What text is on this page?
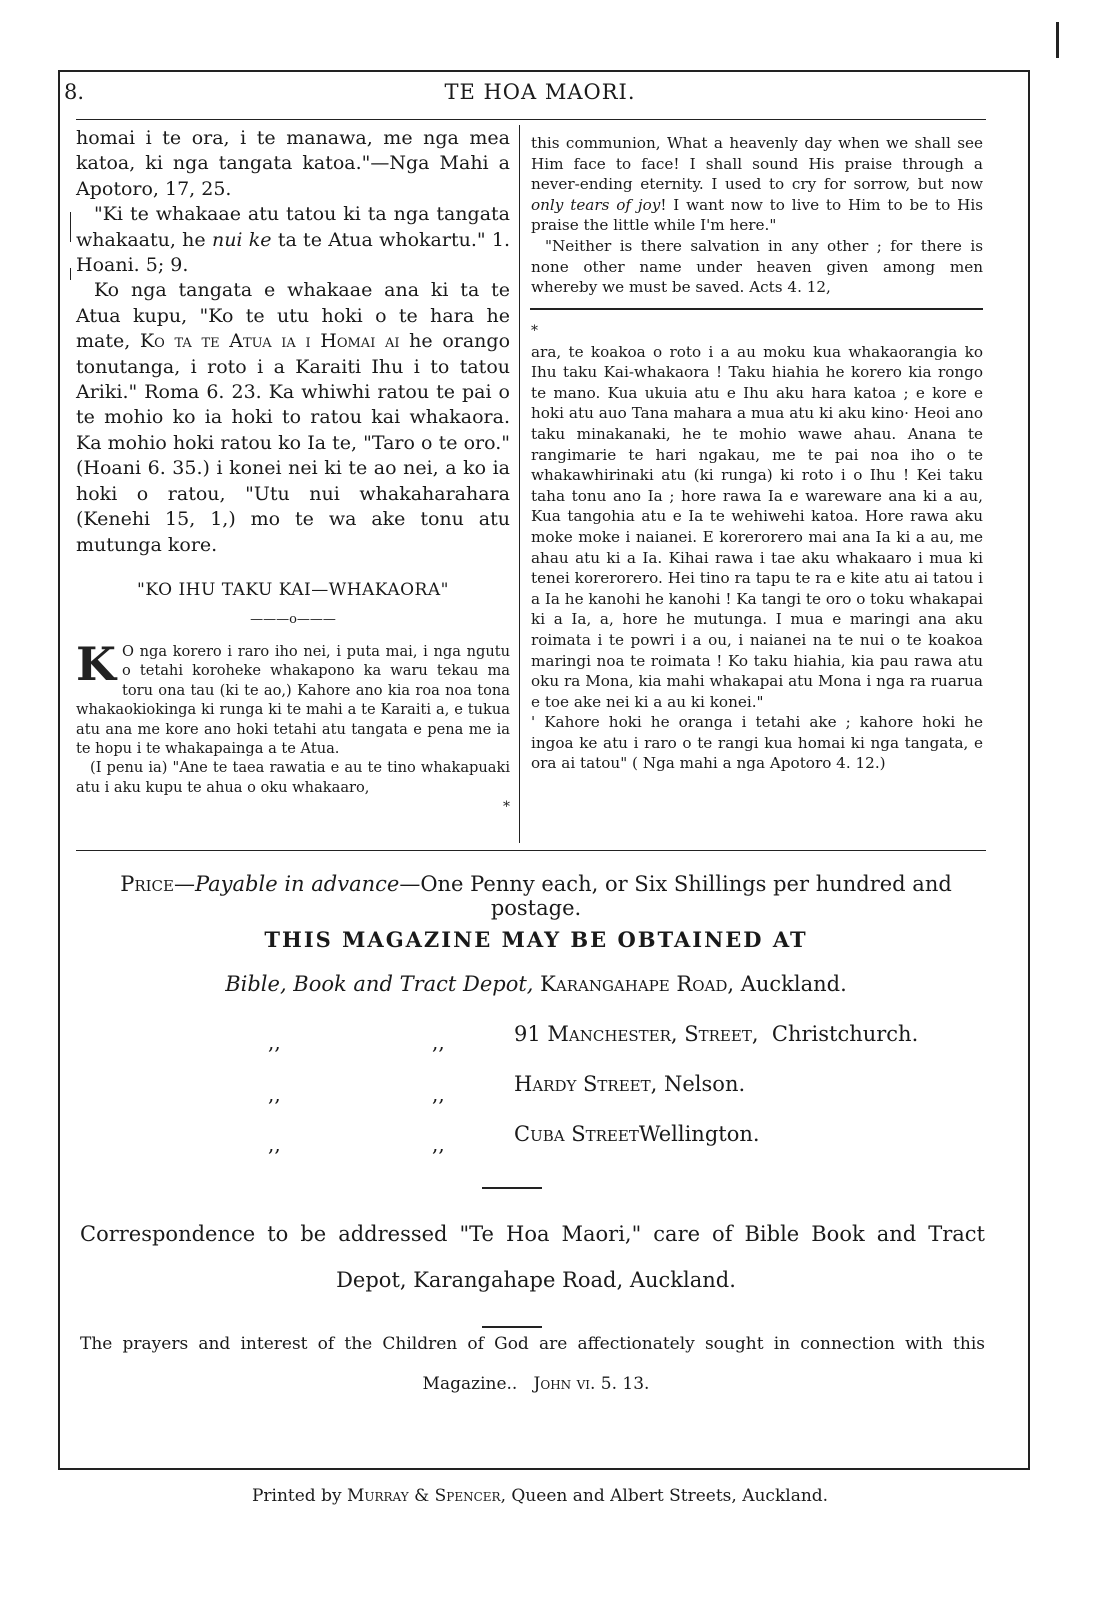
8.	TE HOA MAORI.

homai i te ora, i te manawa, me nga mea katoa, ki nga tangata katoa."—Nga Mahi a Apotoro, 17, 25.

"Ki te whakaae atu tatou ki ta nga tangata whakaatu, he nui ke ta te Atua whokartu." 1. Hoani. 5; 9.

Ko nga tangata e whakaae ana ki ta te Atua kupu, "Ko te utu hoki o te hara he mate, Ko ta te Atua ia i Homai ai he orango tonutanga, i roto i a Karaiti Ihu i to tatou Ariki." Roma 6. 23. Ka whiwhi ratou te pai o te mohio ko ia hoki to ratou kai whakaora. Ka mohio hoki ratou ko Ia te, "Taro o te oro." (Hoani 6. 35.) i konei nei ki te ao nei, a ko ia hoki o ratou, "Utu nui whakaharahara (Kenehi 15, 1,) mo te wa ake tonu atu mutunga kore.

"KO IHU TAKU KAI—WHAKAORA"
———o———

K O nga korero i raro iho nei, i puta mai, i nga ngutu o tetahi koroheke whakapono ka waru tekau ma toru ona tau (ki te ao,) Kahore ano kia roa noa tona whakaokiokinga ki runga ki te mahi a te Karaiti a, e tukua atu ana me kore ano hoki tetahi atu tangata e pena me ia te hopu i te whakapainga a te Atua.

(I penu ia) "Ane te taea rawatia e au te tino whakapuaki atu i aku kupu te ahua o oku whakaaro,

*

this communion, What a heavenly day when we shall see Him face to face! I shall sound His praise through a never-ending eternity. I used to cry for sorrow, but now only tears of joy! I want now to live to Him to be to His praise the little while I'm here."

"Neither is there salvation in any other ; for there is none other name under heaven given among men whereby we must be saved. Acts 4. 12,

*

ara, te koakoa o roto i a au moku kua whakaorangia ko Ihu taku Kai-whakaora ! Taku hiahia he korero kia rongo te mano. Kua ukuia atu e Ihu aku hara katoa ; e kore e hoki atu auo Tana mahara a mua atu ki aku kino· Heoi ano taku minakanaki, he te mohio wawe ahau. Anana te rangimarie te hari ngakau, me te pai noa iho o te whakawhirinaki atu (ki runga) ki roto i o Ihu ! Kei taku taha tonu ano Ia ; hore rawa Ia e wareware ana ki a au, Kua tangohia atu e Ia te wehiwehi katoa. Hore rawa aku moke moke i naianei. E korerorero mai ana Ia ki a au, me ahau atu ki a Ia. Kihai rawa i tae aku whakaaro i mua ki tenei korerorero. Hei tino ra tapu te ra e kite atu ai tatou i a Ia he kanohi he kanohi ! Ka tangi te oro o toku whakapai ki a Ia, a, hore he mutunga. I mua e maringi ana aku roimata i te powri i a ou, i naianei na te nui o te koakoa maringi noa te roimata ! Ko taku hiahia, kia pau rawa atu oku ra Mona, kia mahi whakapai atu Mona i nga ra ruarua e toe ake nei ki a au ki konei."

' Kahore hoki he oranga i tetahi ake ; kahore hoki he ingoa ke atu i raro o te rangi kua homai ki nga tangata, e ora ai tatou" ( Nga mahi a nga Apotoro 4. 12.)

Price—Payable in advance—One Penny each, or Six Shillings per hundred and postage.
THIS MAGAZINE MAY BE OBTAINED AT
Bible, Book and Tract Depot, Karangahape Road, Auckland.
,,	,,	91 Manchester, Street, Christchurch.
,,	,,	Hardy Street, Nelson.
,,	,,	Cuba StreetWellington.
Correspondence to be addressed "Te Hoa Maori," care of Bible Book and Tract
Depot, Karangahape Road, Auckland.
The prayers and interest of the Children of God are affectionately sought in connection with this
Magazine.. John vi. 5. 13.
Printed by Murray & Spencer, Queen and Albert Streets, Auckland.
